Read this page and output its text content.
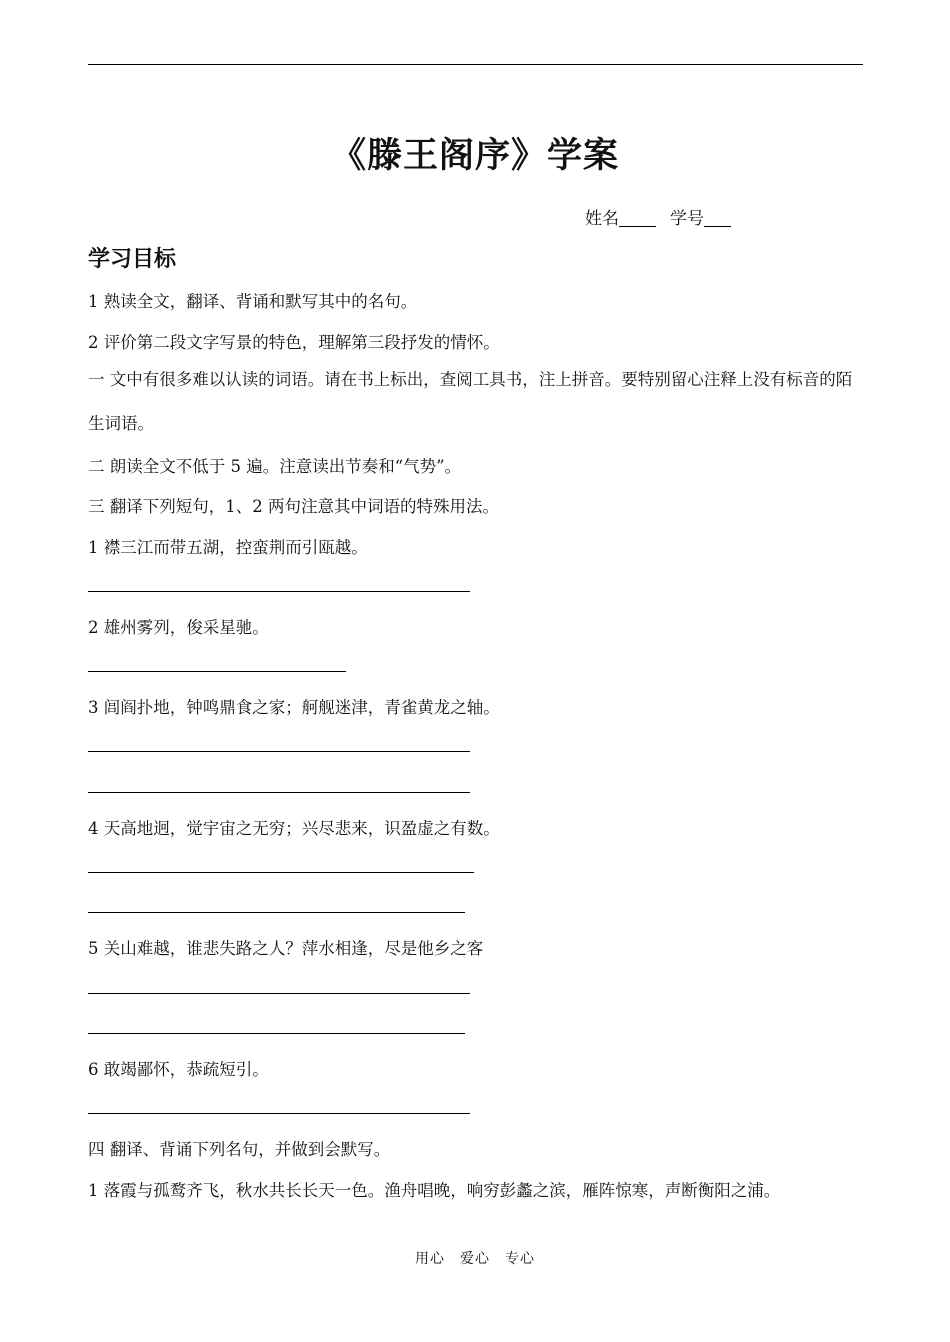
《滕王阁序》学案
姓名	学号
学习目标
1 熟读全文，翻译、背诵和默写其中的名句。
2 评价第二段文字写景的特色，理解第三段抒发的情怀。
一 文中有很多难以认读的词语。请在书上标出，查阅工具书，注上拼音。要特别留心注释上没有标音的陌生词语。
二 朗读全文不低于 5 遍。注意读出节奏和“气势”。
三 翻译下列短句，1、2 两句注意其中词语的特殊用法。
1 襟三江而带五湖，控蛮荆而引瓯越。
2 雄州雾列，俊采星驰。
3 闾阎扑地，钟鸣鼎食之家；舸舰迷津，青雀黄龙之轴。
4 天高地迥，觉宇宙之无穷；兴尽悲来，识盈虚之有数。
5 关山难越，谁悲失路之人？萍水相逢，尽是他乡之客
6 敢竭鄙怀，恭疏短引。
四 翻译、背诵下列名句，并做到会默写。
1 落霞与孤鹜齐飞，秋水共长长天一色。渔舟唱晚，响穷彭蠡之滨，雁阵惊寒，声断衡阳之浦。
用心　爱心　专心
